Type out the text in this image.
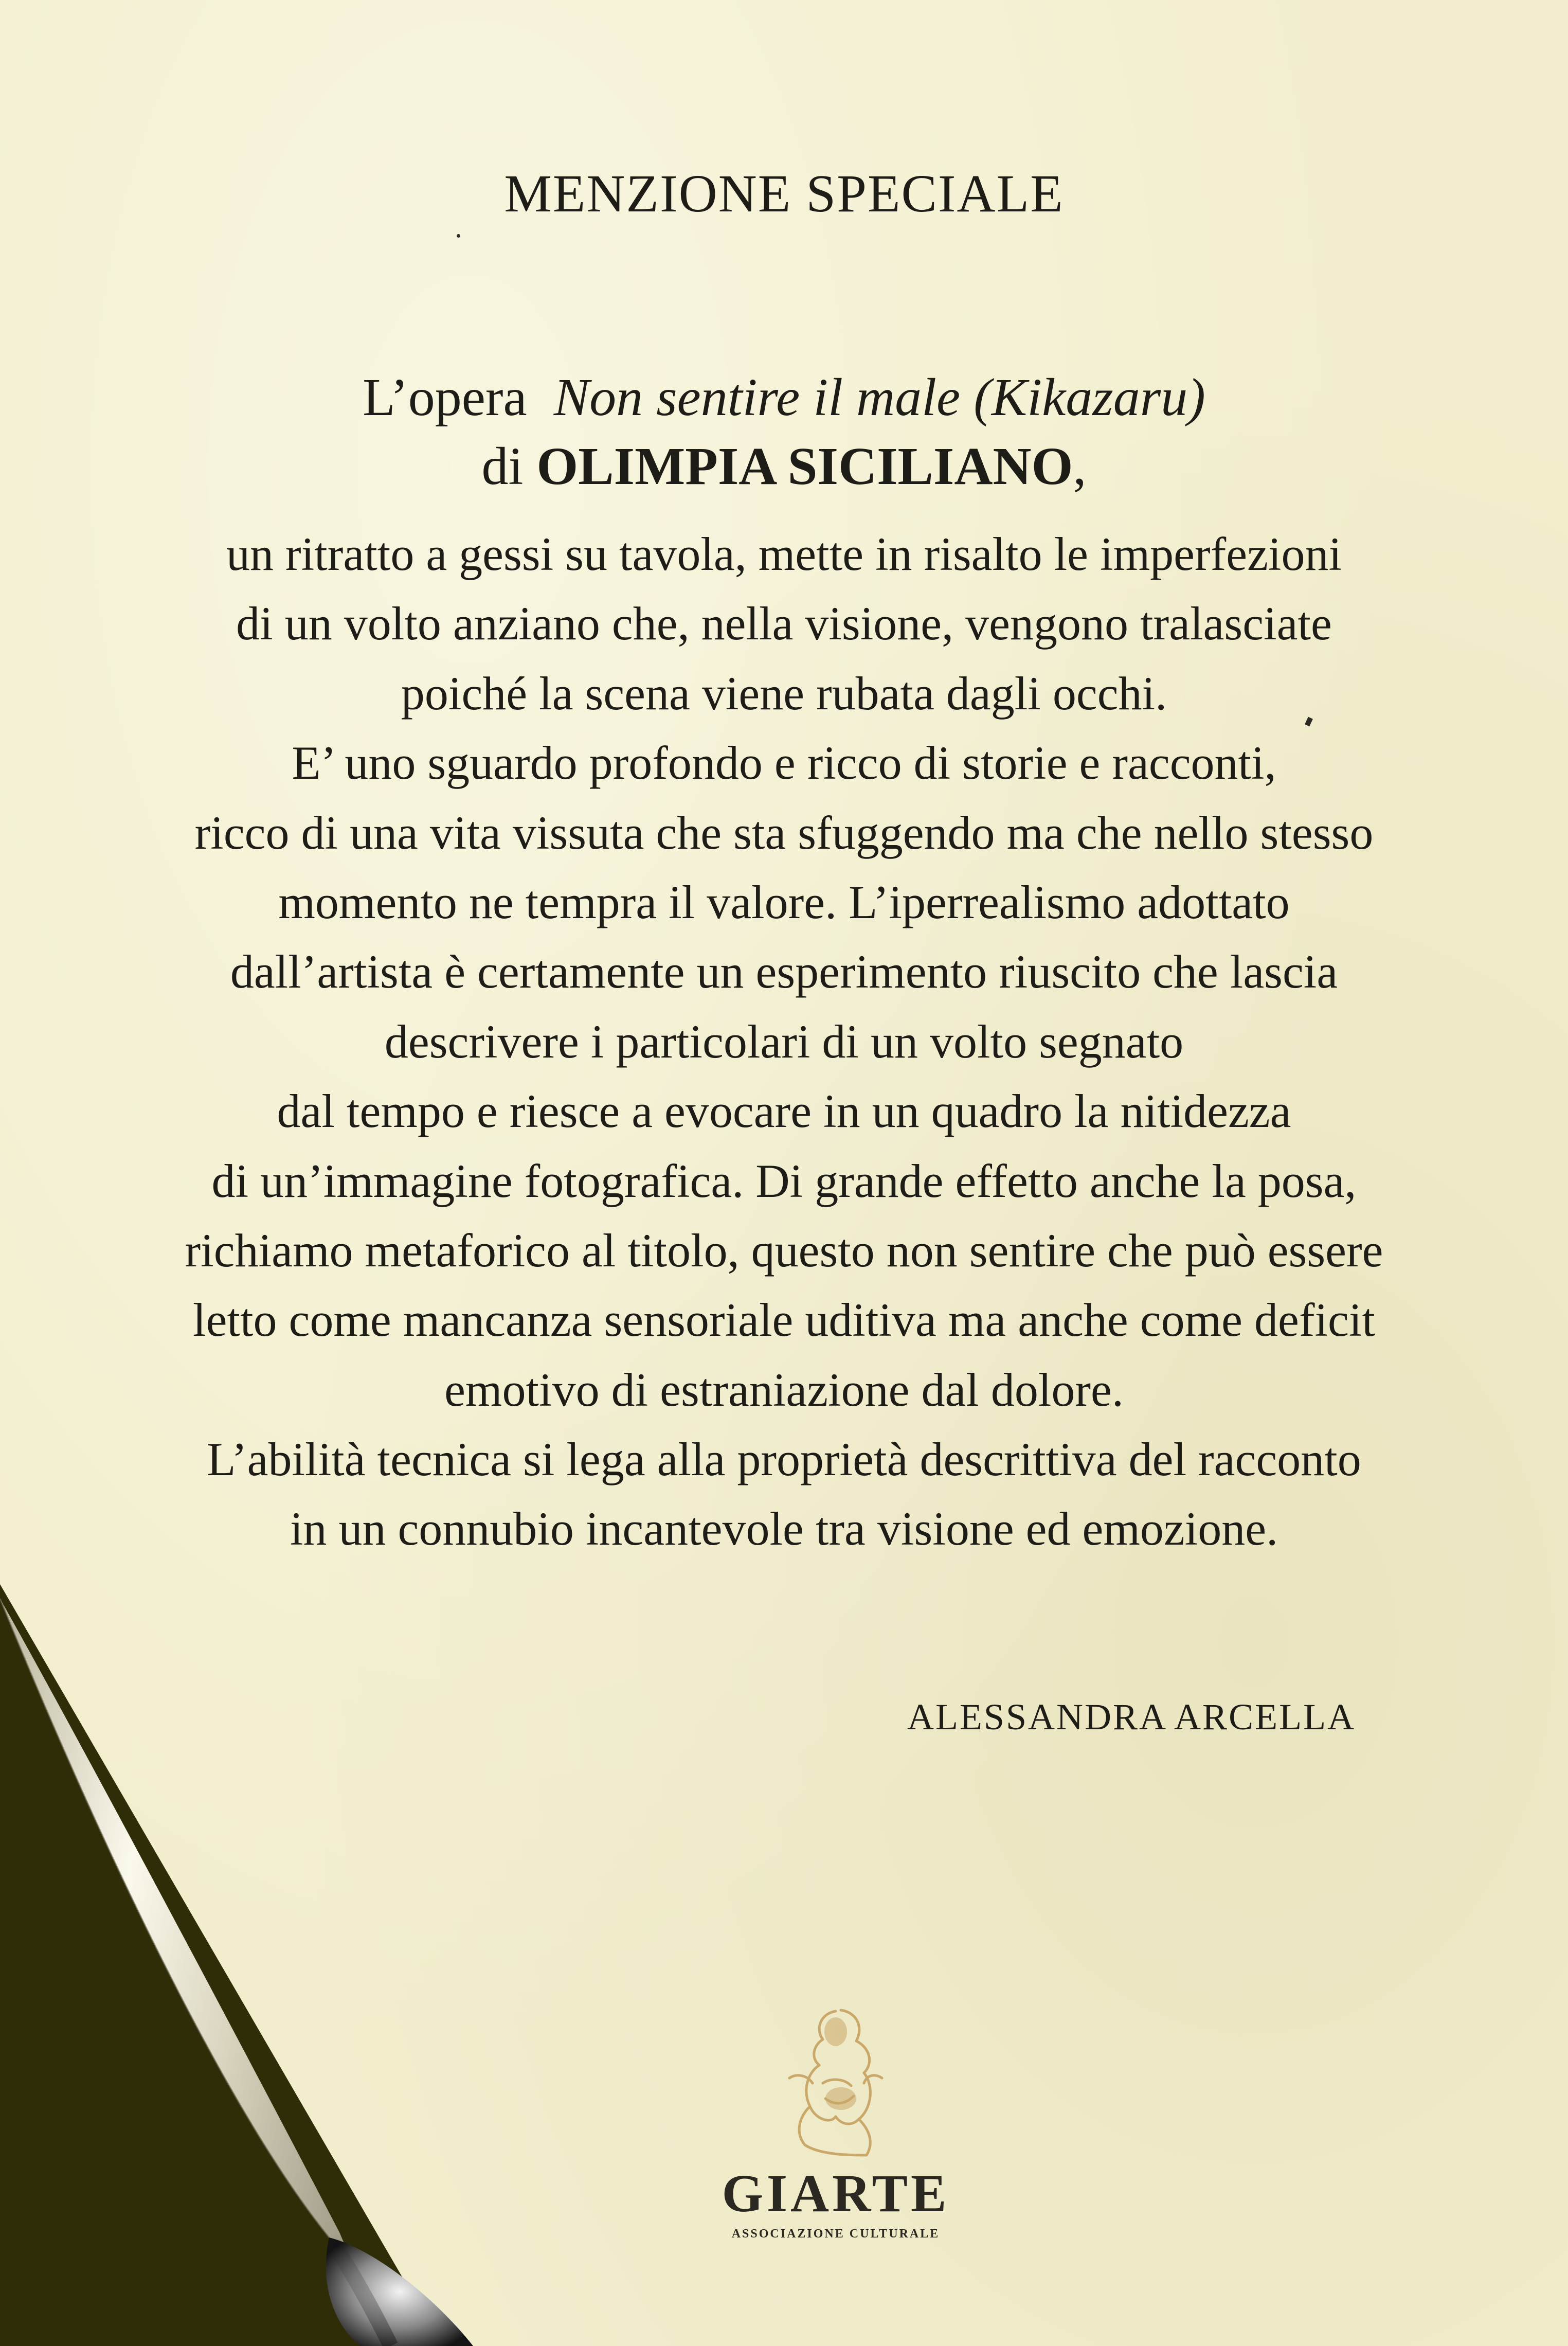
MENZIONE SPECIALE
L’opera Non sentire il male (Kikazaru)
di OLIMPIA SICILIANO,
un ritratto a gessi su tavola, mette in risalto le imperfezioni
di un volto anziano che, nella visione, vengono tralasciate
poiché la scena viene rubata dagli occhi.
E’ uno sguardo profondo e ricco di storie e racconti,
ricco di una vita vissuta che sta sfuggendo ma che nello stesso
momento ne tempra il valore. L’iperrealismo adottato
dall’artista è certamente un esperimento riuscito che lascia
descrivere i particolari di un volto segnato
dal tempo e riesce a evocare in un quadro la nitidezza
di un’immagine fotografica. Di grande effetto anche la posa,
richiamo metaforico al titolo, questo non sentire che può essere
letto come mancanza sensoriale uditiva ma anche come deficit
emotivo di estraniazione dal dolore.
L’abilità tecnica si lega alla proprietà descrittiva del racconto
in un connubio incantevole tra visione ed emozione.
ALESSANDRA ARCELLA
GIARTE
ASSOCIAZIONE CULTURALE
